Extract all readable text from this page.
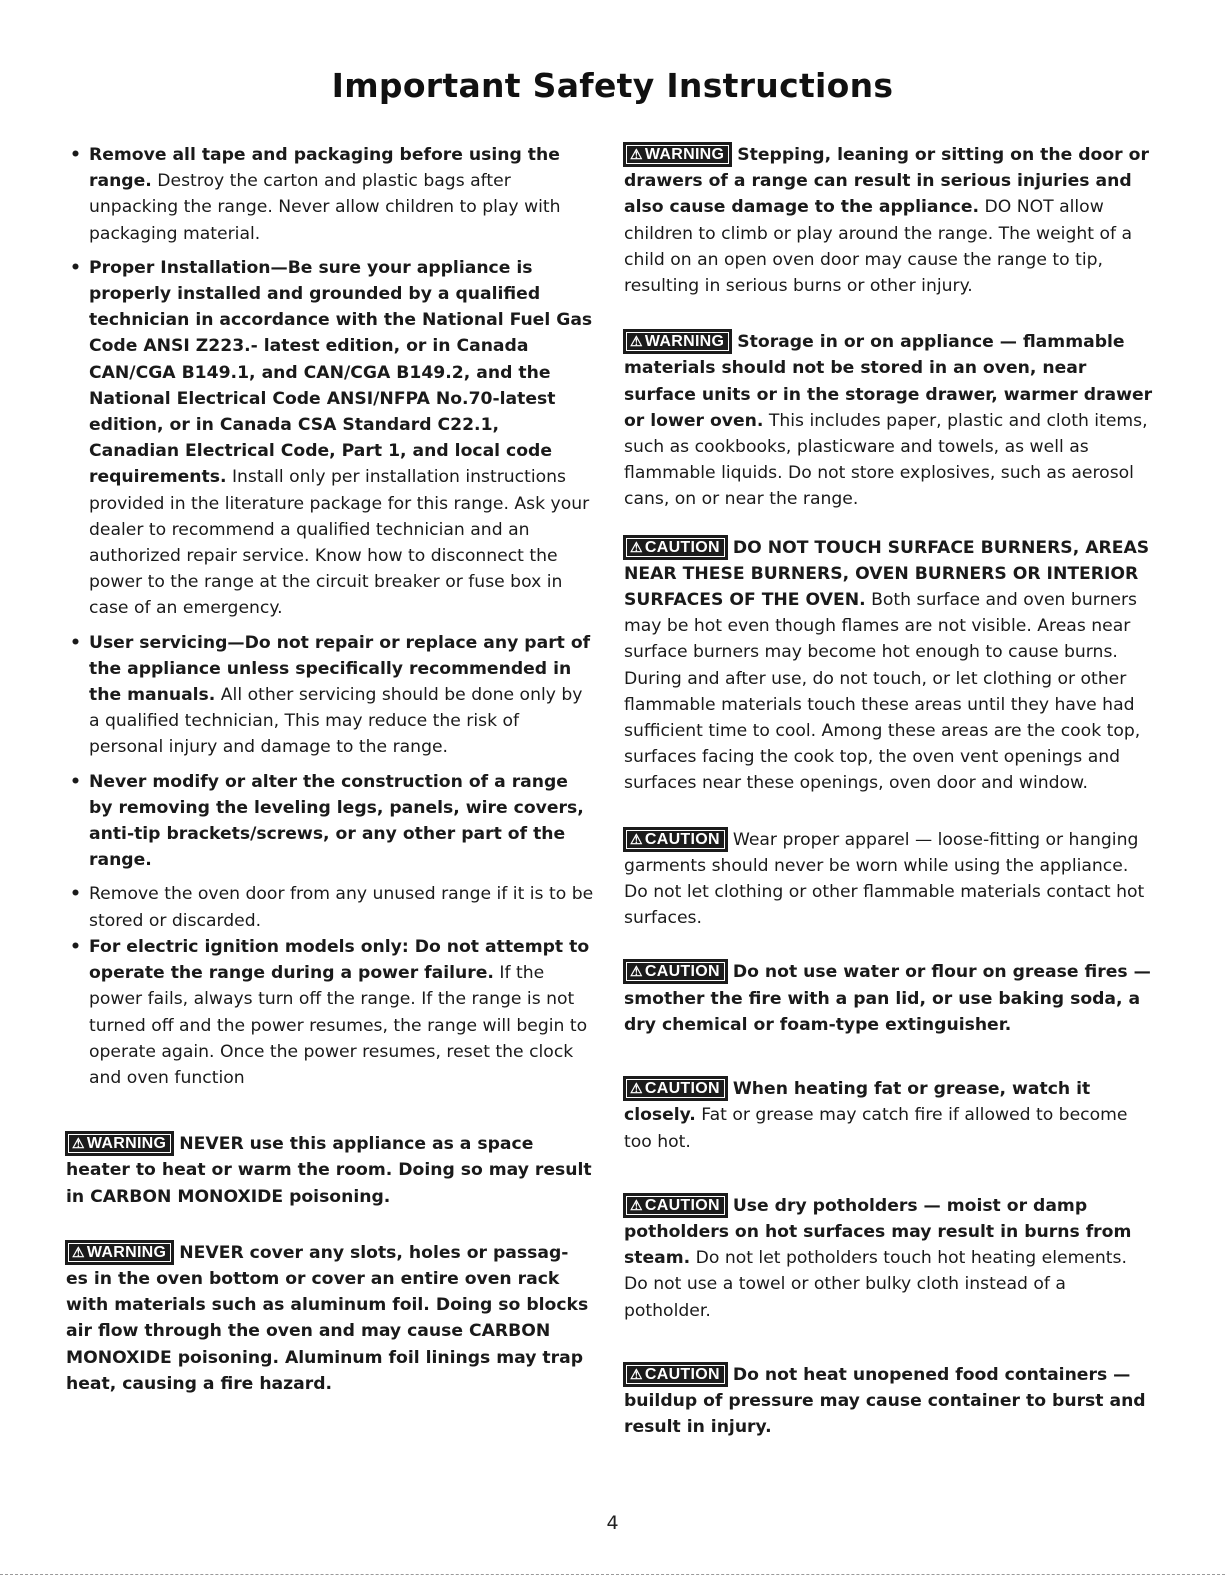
Important Safety Instructions

• Remove all tape and packaging before using the range. Destroy the carton and plastic bags after unpacking the range. Never allow children to play with packaging material.

• Proper Installation—Be sure your appliance is properly installed and grounded by a qualified technician in accordance with the National Fuel Gas Code ANSI Z223.- latest edition, or in Canada CAN/CGA B149.1, and CAN/CGA B149.2, and the National Electrical Code ANSI/NFPA No.70-latest edition, or in Canada CSA Standard C22.1, Canadian Electrical Code, Part 1, and local code requirements. Install only per installation instructions provided in the literature package for this range. Ask your dealer to recommend a qualified technician and an authorized repair service. Know how to disconnect the power to the range at the circuit breaker or fuse box in case of an emergency.

• User servicing—Do not repair or replace any part of the appliance unless specifically recommended in the manuals. All other servicing should be done only by a qualified technician, This may reduce the risk of personal injury and damage to the range.

• Never modify or alter the construction of a range by removing the leveling legs, panels, wire covers, anti-tip brackets/screws, or any other part of the range.

• Remove the oven door from any unused range if it is to be stored or discarded.

• For electric ignition models only: Do not attempt to operate the range during a power failure. If the power fails, always turn off the range. If the range is not turned off and the power resumes, the range will begin to operate again. Once the power resumes, reset the clock and oven function

⚠ WARNING NEVER use this appliance as a space heater to heat or warm the room. Doing so may result in CARBON MONOXIDE poisoning.

⚠ WARNING NEVER cover any slots, holes or passag- es in the oven bottom or cover an entire oven rack with materials such as aluminum foil. Doing so blocks air flow through the oven and may cause CARBON MONOXIDE poisoning. Aluminum foil linings may trap heat, causing a fire hazard.

⚠ WARNING Stepping, leaning or sitting on the door or drawers of a range can result in serious injuries and also cause damage to the appliance. DO NOT allow children to climb or play around the range. The weight of a child on an open oven door may cause the range to tip, resulting in serious burns or other injury.

⚠ WARNING Storage in or on appliance — flammable materials should not be stored in an oven, near surface units or in the storage drawer, warmer drawer or lower oven. This includes paper, plastic and cloth items, such as cookbooks, plasticware and towels, as well as flammable liquids. Do not store explosives, such as aerosol cans, on or near the range.

⚠ CAUTION DO NOT TOUCH SURFACE BURNERS, AREAS NEAR THESE BURNERS, OVEN BURNERS OR INTERIOR SURFACES OF THE OVEN. Both surface and oven burners may be hot even though flames are not visible. Areas near surface burners may become hot enough to cause burns. During and after use, do not touch, or let clothing or other flammable materials touch these areas until they have had sufficient time to cool. Among these areas are the cook top, surfaces facing the cook top, the oven vent openings and surfaces near these openings, oven door and window.

⚠ CAUTION Wear proper apparel — loose-fitting or hanging garments should never be worn while using the appliance. Do not let clothing or other flammable materials contact hot surfaces.

⚠ CAUTION Do not use water or flour on grease fires — smother the fire with a pan lid, or use baking soda, a dry chemical or foam-type extinguisher.

⚠ CAUTION When heating fat or grease, watch it closely. Fat or grease may catch fire if allowed to become too hot.

⚠ CAUTION Use dry potholders — moist or damp potholders on hot surfaces may result in burns from steam. Do not let potholders touch hot heating elements. Do not use a towel or other bulky cloth instead of a potholder.

⚠ CAUTION Do not heat unopened food containers — buildup of pressure may cause container to burst and result in injury.

4
